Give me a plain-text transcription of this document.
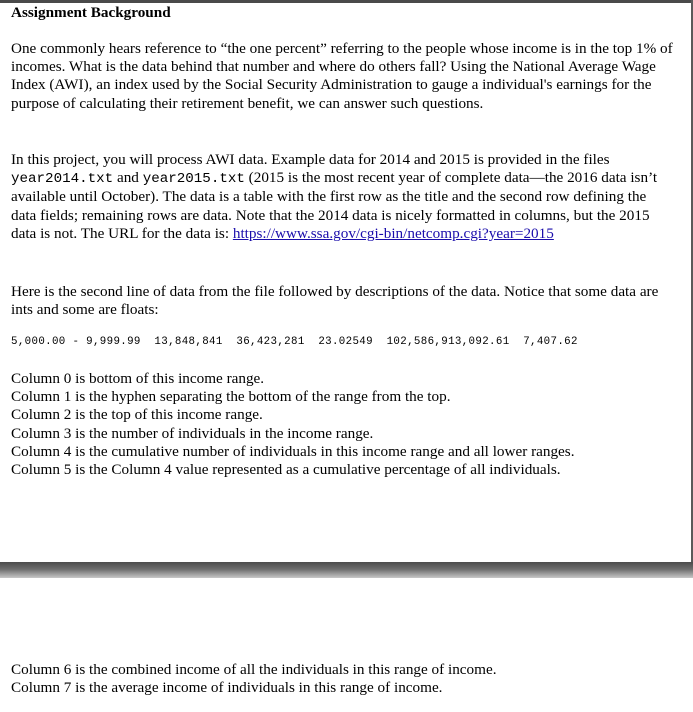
Assignment Background
One commonly hears reference to “the one percent” referring to the people whose income is in the top 1% of incomes. What is the data behind that number and where do others fall? Using the National Average Wage Index (AWI), an index used by the Social Security Administration to gauge a individual's earnings for the purpose of calculating their retirement benefit, we can answer such questions.
In this project, you will process AWI data. Example data for 2014 and 2015 is provided in the files year2014.txt and year2015.txt (2015 is the most recent year of complete data—the 2016 data isn’t available until October). The data is a table with the first row as the title and the second row defining the data fields; remaining rows are data. Note that the 2014 data is nicely formatted in columns, but the 2015 data is not. The URL for the data is: https://www.ssa.gov/cgi-bin/netcomp.cgi?year=2015
Here is the second line of data from the file followed by descriptions of the data. Notice that some data are ints and some are floats:
5,000.00 - 9,999.99  13,848,841  36,423,281  23.02549  102,586,913,092.61  7,407.62
Column 0 is bottom of this income range.
Column 1 is the hyphen separating the bottom of the range from the top.
Column 2 is the top of this income range.
Column 3 is the number of individuals in the income range.
Column 4 is the cumulative number of individuals in this income range and all lower ranges.
Column 5 is the Column 4 value represented as a cumulative percentage of all individuals.
Column 6 is the combined income of all the individuals in this range of income.
Column 7 is the average income of individuals in this range of income.
